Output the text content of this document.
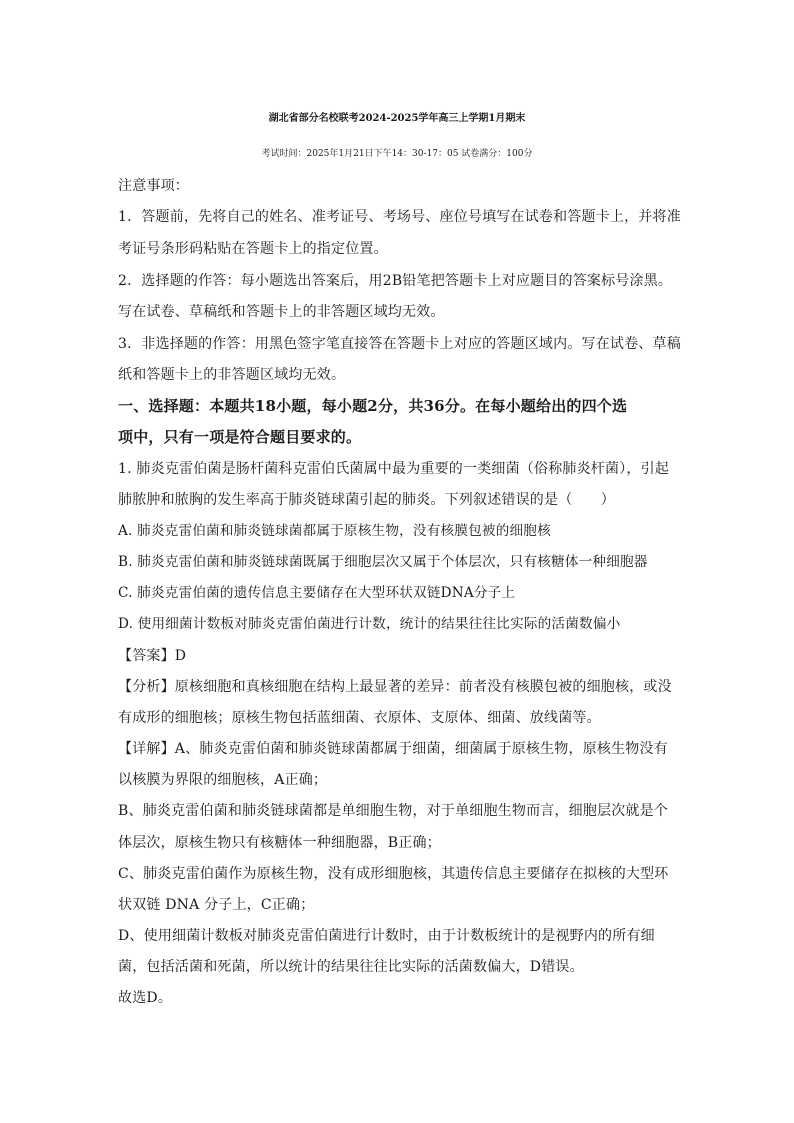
湖北省部分名校联考2024-2025学年高三上学期1月期末
考试时间：2025年1月21日下午14：30-17：05 试卷满分：100分
注意事项：
1．答题前，先将自己的姓名、准考证号、考场号、座位号填写在试卷和答题卡上，并将准
考证号条形码粘贴在答题卡上的指定位置。
2．选择题的作答：每小题选出答案后，用2B铅笔把答题卡上对应题目的答案标号涂黑。
写在试卷、草稿纸和答题卡上的非答题区域均无效。
3．非选择题的作答：用黑色签字笔直接答在答题卡上对应的答题区域内。写在试卷、草稿
纸和答题卡上的非答题区域均无效。
一、选择题：本题共18小题，每小题2分，共36分。在每小题给出的四个选
项中，只有一项是符合题目要求的。
1. 肺炎克雷伯菌是肠杆菌科克雷伯氏菌属中最为重要的一类细菌（俗称肺炎杆菌），引起
肺脓肿和脓胸的发生率高于肺炎链球菌引起的肺炎。下列叙述错误的是（　　）
A. 肺炎克雷伯菌和肺炎链球菌都属于原核生物，没有核膜包被的细胞核
B. 肺炎克雷伯菌和肺炎链球菌既属于细胞层次又属于个体层次，只有核糖体一种细胞器
C. 肺炎克雷伯菌的遗传信息主要储存在大型环状双链DNA分子上
D. 使用细菌计数板对肺炎克雷伯菌进行计数，统计的结果往往比实际的活菌数偏小
【答案】D
【分析】原核细胞和真核细胞在结构上最显著的差异：前者没有核膜包被的细胞核，或没
有成形的细胞核；原核生物包括蓝细菌、衣原体、支原体、细菌、放线菌等。
【详解】A、肺炎克雷伯菌和肺炎链球菌都属于细菌，细菌属于原核生物，原核生物没有
以核膜为界限的细胞核，A正确；
B、肺炎克雷伯菌和肺炎链球菌都是单细胞生物，对于单细胞生物而言，细胞层次就是个
体层次，原核生物只有核糖体一种细胞器，B正确；
C、肺炎克雷伯菌作为原核生物，没有成形细胞核，其遗传信息主要储存在拟核的大型环
状双链 DNA 分子上，C正确；
D、使用细菌计数板对肺炎克雷伯菌进行计数时，由于计数板统计的是视野内的所有细
菌，包括活菌和死菌，所以统计的结果往往比实际的活菌数偏大，D错误。
故选D。
